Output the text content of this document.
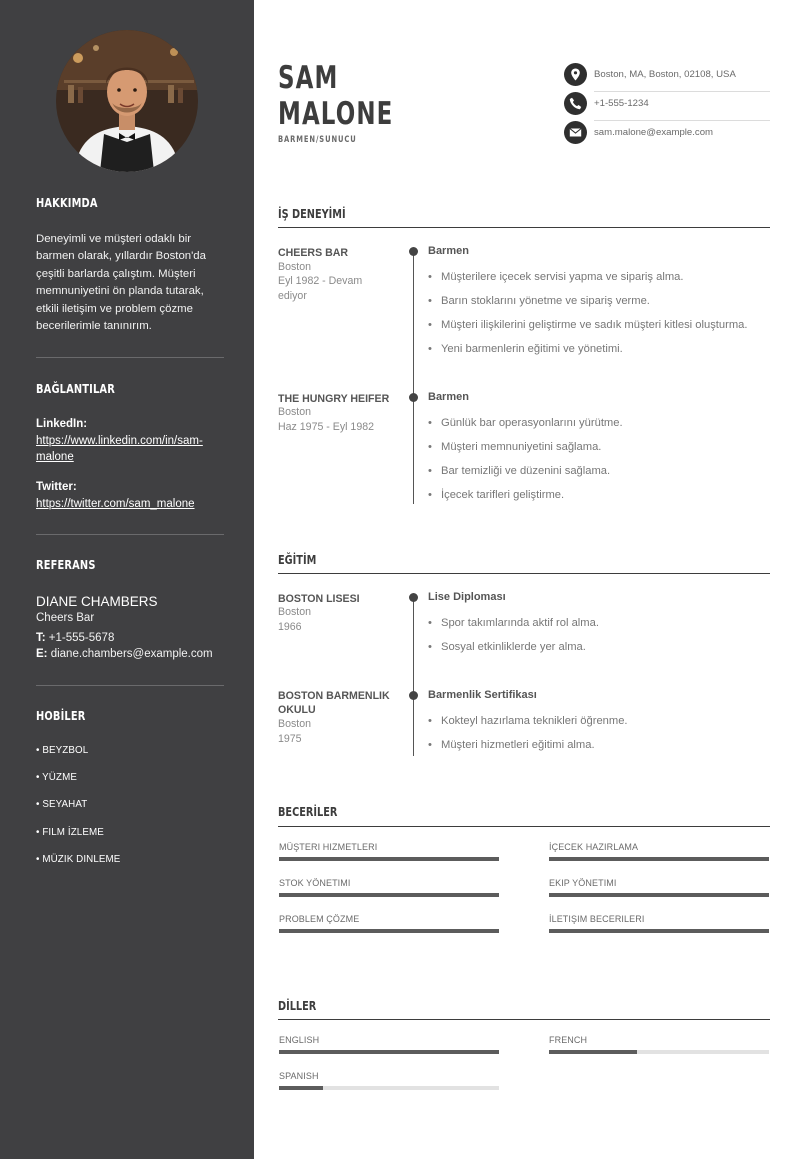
HAKKIMDA
Deneyimli ve müşteri odaklı bir barmen olarak, yıllardır Boston'da çeşitli barlarda çalıştım. Müşteri memnuniyetini ön planda tutarak, etkili iletişim ve problem çözme becerilerimle tanınırım.
BAĞLANTILAR
LinkedIn:
https://www.linkedin.com/in/sam-malone
Twitter:
https://twitter.com/sam_malone
REFERANS
DIANE CHAMBERS
Cheers Bar
T: +1-555-5678
E: diane.chambers@example.com
HOBİLER
• BEYZBOL
• YÜZME
• SEYAHAT
• FILM İZLEME
• MÜZIK DINLEME
SAM
MALONE
BARMEN/SUNUCU
Boston, MA, Boston, 02108, USA
+1-555-1234
sam.malone@example.com
İŞ DENEYİMİ
CHEERS BAR
Boston
Eyl 1982 - Devam ediyor
Barmen
• Müşterilere içecek servisi yapma ve sipariş alma.
• Barın stoklarını yönetme ve sipariş verme.
• Müşteri ilişkilerini geliştirme ve sadık müşteri kitlesi oluşturma.
• Yeni barmenlerin eğitimi ve yönetimi.
THE HUNGRY HEIFER
Boston
Haz 1975 - Eyl 1982
Barmen
• Günlük bar operasyonlarını yürütme.
• Müşteri memnuniyetini sağlama.
• Bar temizliği ve düzenini sağlama.
• İçecek tarifleri geliştirme.
EĞİTİM
BOSTON LISESI
Boston
1966
Lise Diploması
• Spor takımlarında aktif rol alma.
• Sosyal etkinliklerde yer alma.
BOSTON BARMENLIK OKULU
Boston
1975
Barmenlik Sertifikası
• Kokteyl hazırlama teknikleri öğrenme.
• Müşteri hizmetleri eğitimi alma.
BECERİLER
MÜŞTERI HIZMETLERI	İÇECEK HAZIRLAMA
STOK YÖNETIMI	EKIP YÖNETIMI
PROBLEM ÇÖZME	İLETIŞIM BECERILERI
DİLLER
ENGLISH	FRENCH
SPANISH
